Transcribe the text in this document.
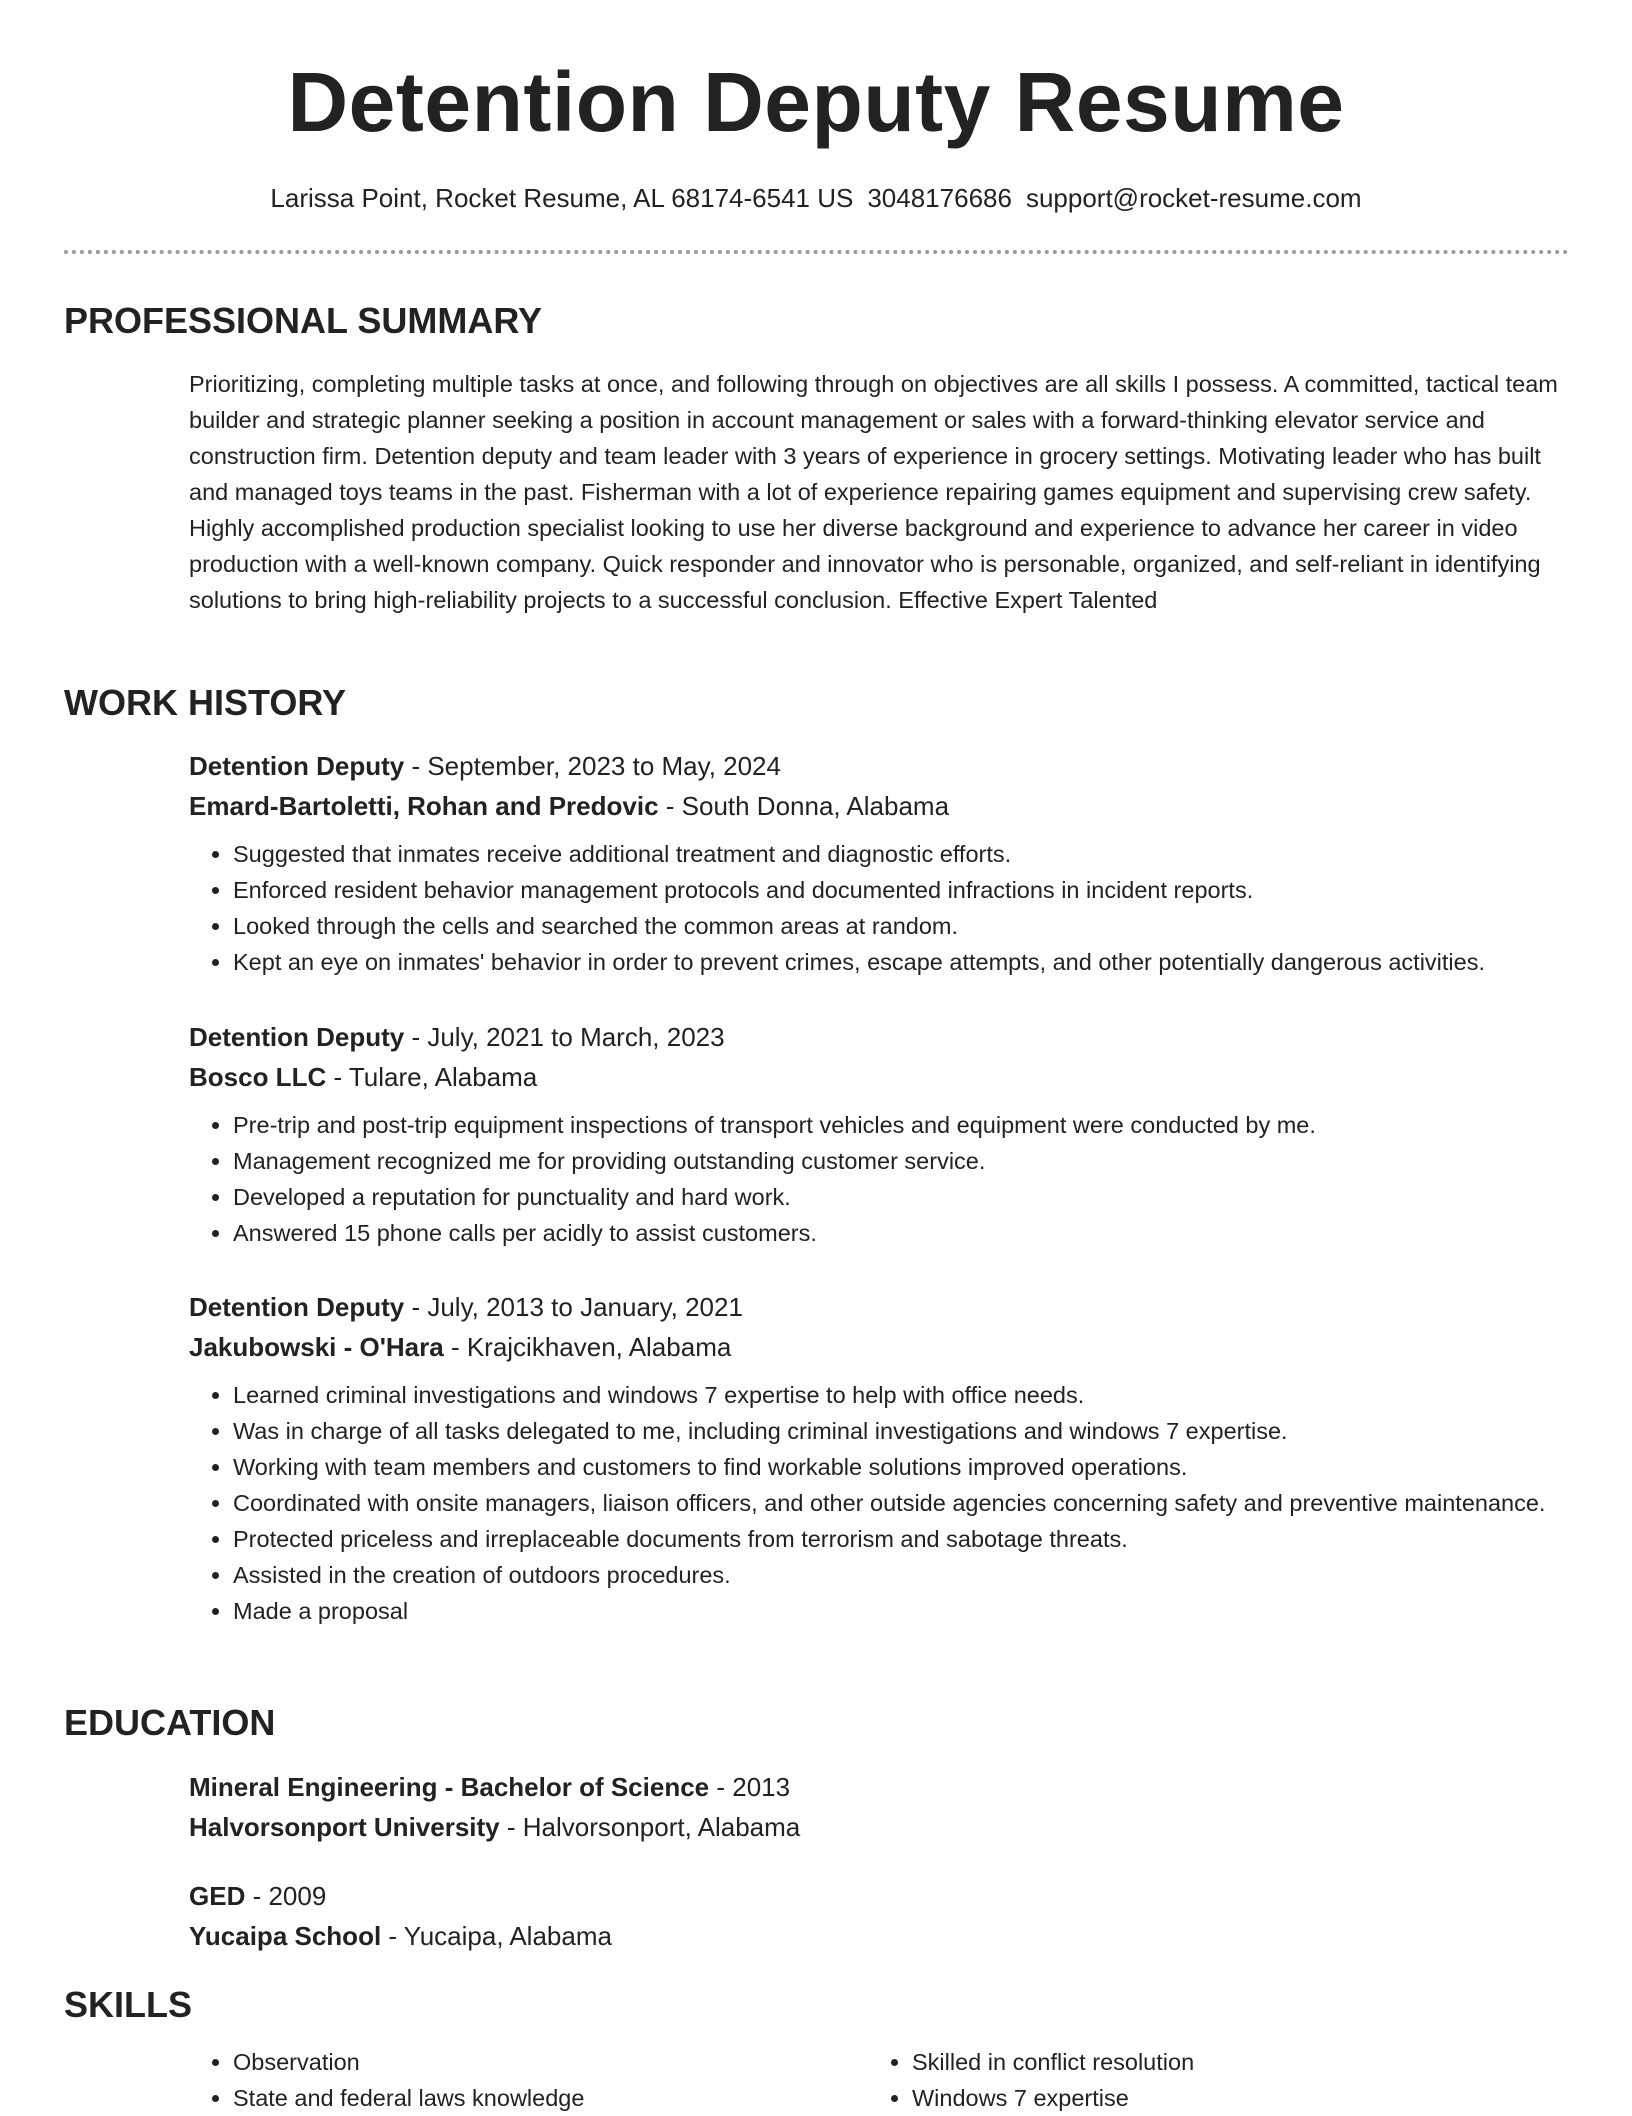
Detention Deputy Resume
Larissa Point, Rocket Resume, AL 68174-6541 US 3048176686 support@rocket-resume.com
PROFESSIONAL SUMMARY
Prioritizing, completing multiple tasks at once, and following through on objectives are all skills I possess. A committed, tactical team builder and strategic planner seeking a position in account management or sales with a forward-thinking elevator service and construction firm. Detention deputy and team leader with 3 years of experience in grocery settings. Motivating leader who has built and managed toys teams in the past. Fisherman with a lot of experience repairing games equipment and supervising crew safety. Highly accomplished production specialist looking to use her diverse background and experience to advance her career in video production with a well-known company. Quick responder and innovator who is personable, organized, and self-reliant in identifying solutions to bring high-reliability projects to a successful conclusion. Effective Expert Talented
WORK HISTORY
Detention Deputy - September, 2023 to May, 2024
Emard-Bartoletti, Rohan and Predovic - South Donna, Alabama
• Suggested that inmates receive additional treatment and diagnostic efforts.
• Enforced resident behavior management protocols and documented infractions in incident reports.
• Looked through the cells and searched the common areas at random.
• Kept an eye on inmates' behavior in order to prevent crimes, escape attempts, and other potentially dangerous activities.
Detention Deputy - July, 2021 to March, 2023
Bosco LLC - Tulare, Alabama
• Pre-trip and post-trip equipment inspections of transport vehicles and equipment were conducted by me.
• Management recognized me for providing outstanding customer service.
• Developed a reputation for punctuality and hard work.
• Answered 15 phone calls per acidly to assist customers.
Detention Deputy - July, 2013 to January, 2021
Jakubowski - O'Hara - Krajcikhaven, Alabama
• Learned criminal investigations and windows 7 expertise to help with office needs.
• Was in charge of all tasks delegated to me, including criminal investigations and windows 7 expertise.
• Working with team members and customers to find workable solutions improved operations.
• Coordinated with onsite managers, liaison officers, and other outside agencies concerning safety and preventive maintenance.
• Protected priceless and irreplaceable documents from terrorism and sabotage threats.
• Assisted in the creation of outdoors procedures.
• Made a proposal
EDUCATION
Mineral Engineering - Bachelor of Science - 2013
Halvorsonport University - Halvorsonport, Alabama
GED - 2009
Yucaipa School - Yucaipa, Alabama
SKILLS
• Observation	• Skilled in conflict resolution
• State and federal laws knowledge	• Windows 7 expertise
